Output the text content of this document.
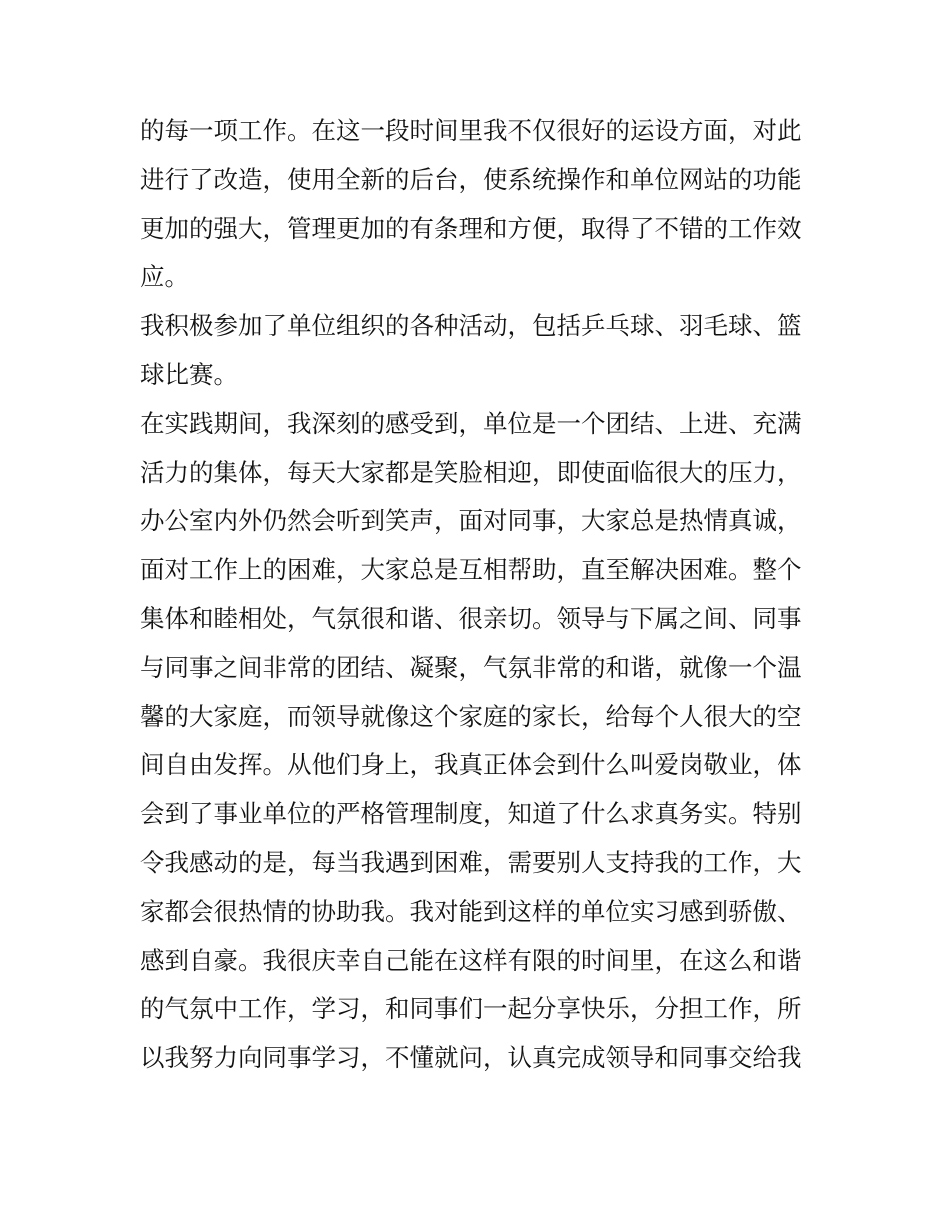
的每一项工作。在这一段时间里我不仅很好的运设方面，对此
进行了改造，使用全新的后台，使系统操作和单位网站的功能
更加的强大，管理更加的有条理和方便，取得了不错的工作效
应。
我积极参加了单位组织的各种活动，包括乒乓球、羽毛球、篮
球比赛。
在实践期间，我深刻的感受到，单位是一个团结、上进、充满
活力的集体，每天大家都是笑脸相迎，即使面临很大的压力，
办公室内外仍然会听到笑声，面对同事，大家总是热情真诚，
面对工作上的困难，大家总是互相帮助，直至解决困难。整个
集体和睦相处，气氛很和谐、很亲切。领导与下属之间、同事
与同事之间非常的团结、凝聚，气氛非常的和谐，就像一个温
馨的大家庭，而领导就像这个家庭的家长，给每个人很大的空
间自由发挥。从他们身上，我真正体会到什么叫爱岗敬业，体
会到了事业单位的严格管理制度，知道了什么求真务实。特别
令我感动的是，每当我遇到困难，需要别人支持我的工作，大
家都会很热情的协助我。我对能到这样的单位实习感到骄傲、
感到自豪。我很庆幸自己能在这样有限的时间里，在这么和谐
的气氛中工作，学习，和同事们一起分享快乐，分担工作，所
以我努力向同事学习，不懂就问，认真完成领导和同事交给我
